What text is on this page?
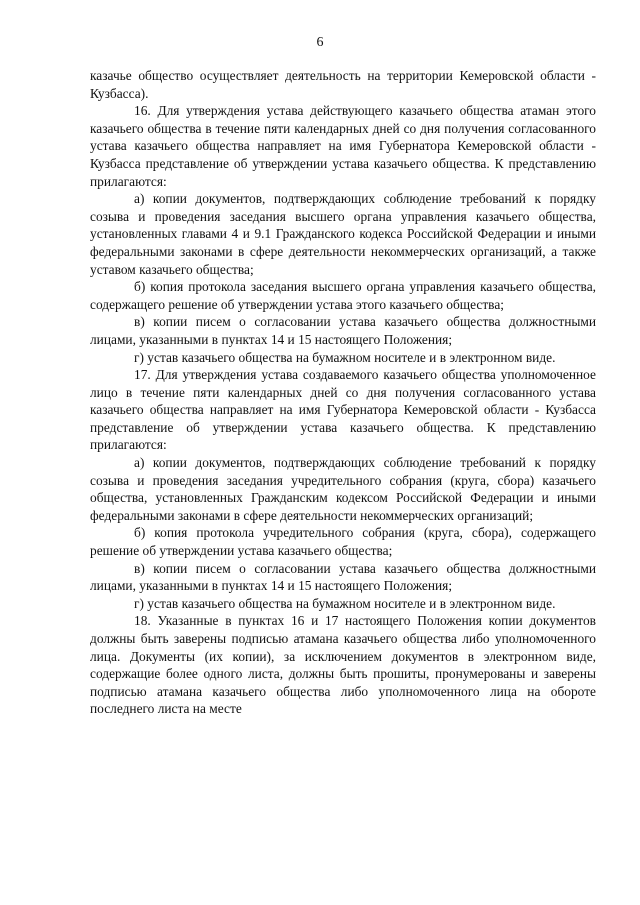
6

казачье общество осуществляет деятельность на территории Кемеровской области - Кузбасса).

16. Для утверждения устава действующего казачьего общества атаман этого казачьего общества в течение пяти календарных дней со дня получения согласованного устава казачьего общества направляет на имя Губернатора Кемеровской области - Кузбасса представление об утверждении устава казачьего общества. К представлению прилагаются:

а) копии документов, подтверждающих соблюдение требований к порядку созыва и проведения заседания высшего органа управления казачьего общества, установленных главами 4 и 9.1 Гражданского кодекса Российской Федерации и иными федеральными законами в сфере деятельности некоммерческих организаций, а также уставом казачьего общества;

б) копия протокола заседания высшего органа управления казачьего общества, содержащего решение об утверждении устава этого казачьего общества;

в) копии писем о согласовании устава казачьего общества должностными лицами, указанными в пунктах 14 и 15 настоящего Положения;

г) устав казачьего общества на бумажном носителе и в электронном виде.

17. Для утверждения устава создаваемого казачьего общества уполномоченное лицо в течение пяти календарных дней со дня получения согласованного устава казачьего общества направляет на имя Губернатора Кемеровской области - Кузбасса представление об утверждении устава казачьего общества. К представлению прилагаются:

а) копии документов, подтверждающих соблюдение требований к порядку созыва и проведения заседания учредительного собрания (круга, сбора) казачьего общества, установленных Гражданским кодексом Российской Федерации и иными федеральными законами в сфере деятельности некоммерческих организаций;

б) копия протокола учредительного собрания (круга, сбора), содержащего решение об утверждении устава казачьего общества;

в) копии писем о согласовании устава казачьего общества должностными лицами, указанными в пунктах 14 и 15 настоящего Положения;

г) устав казачьего общества на бумажном носителе и в электронном виде.

18. Указанные в пунктах 16 и 17 настоящего Положения копии документов должны быть заверены подписью атамана казачьего общества либо уполномоченного лица. Документы (их копии), за исключением документов в электронном виде, содержащие более одного листа, должны быть прошиты, пронумерованы и заверены подписью атамана казачьего общества либо уполномоченного лица на обороте последнего листа на месте
